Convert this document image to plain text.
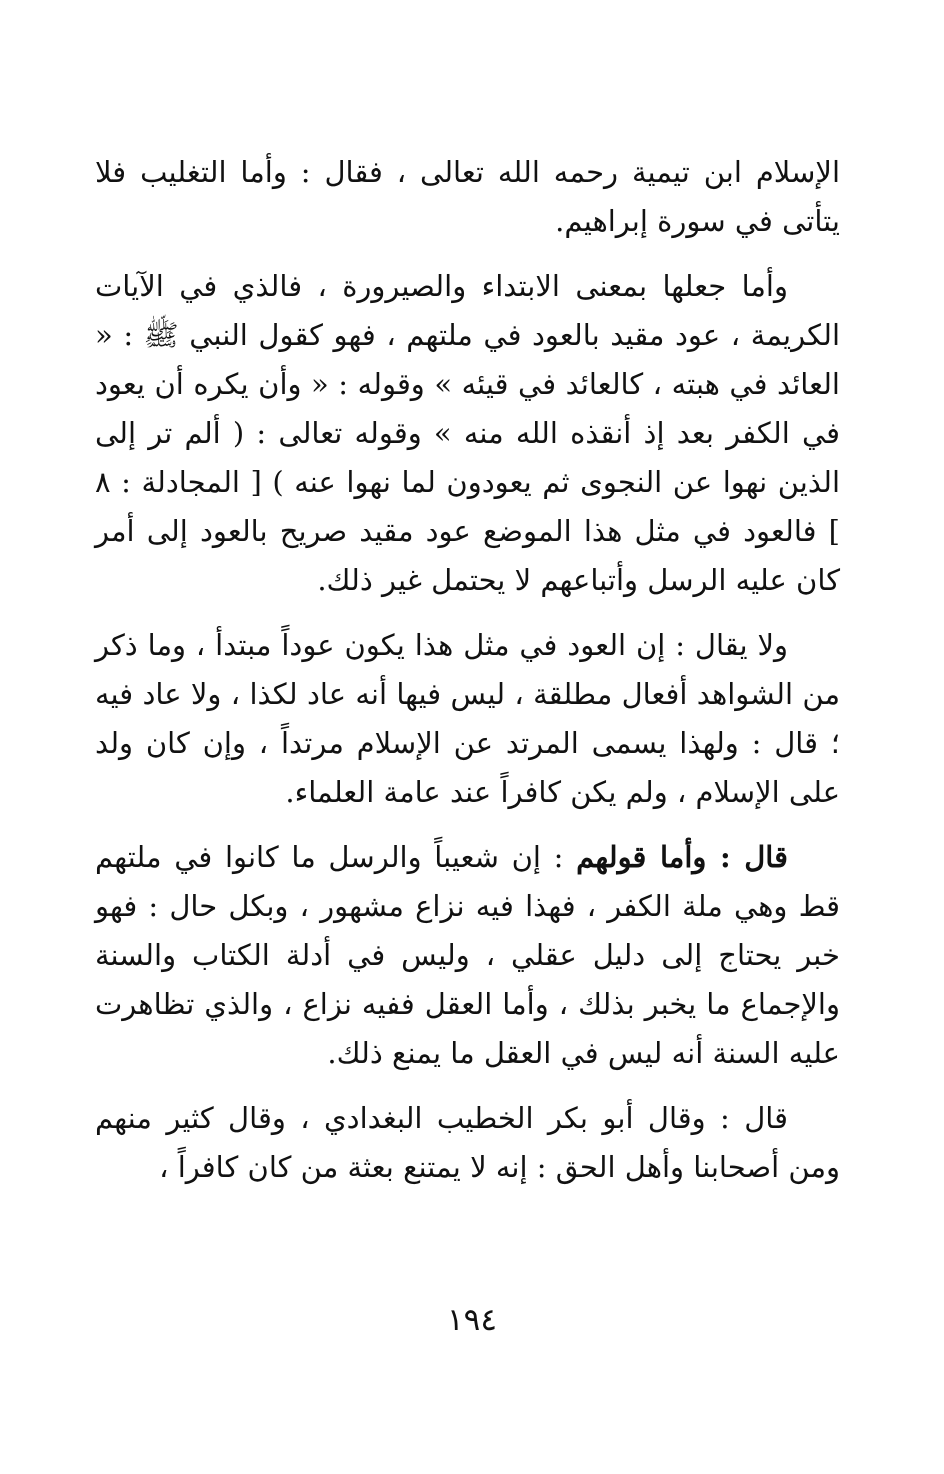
الإسلام ابن تيمية رحمه الله تعالى ، فقال : وأما التغليب فلا يتأتى في سورة إبراهيم.

وأما جعلها بمعنى الابتداء والصيرورة ، فالذي في الآيات الكريمة ، عود مقيد بالعود في ملتهم ، فهو كقول النبي ﷺ : « العائد في هبته ، كالعائد في قيئه » وقوله : « وأن يكره أن يعود في الكفر بعد إذ أنقذه الله منه » وقوله تعالى : ( ألم تر إلى الذين نهوا عن النجوى ثم يعودون لما نهوا عنه ) [ المجادلة : ٨ ] فالعود في مثل هذا الموضع عود مقيد صريح بالعود إلى أمر كان عليه الرسل وأتباعهم لا يحتمل غير ذلك.

ولا يقال : إن العود في مثل هذا يكون عوداً مبتدأ ، وما ذكر من الشواهد أفعال مطلقة ، ليس فيها أنه عاد لكذا ، ولا عاد فيه ؛ قال : ولهذا يسمى المرتد عن الإسلام مرتداً ، وإن كان ولد على الإسلام ، ولم يكن كافراً عند عامة العلماء.

قال : وأما قولهم : إن شعيباً والرسل ما كانوا في ملتهم قط وهي ملة الكفر ، فهذا فيه نزاع مشهور ، وبكل حال : فهو خبر يحتاج إلى دليل عقلي ، وليس في أدلة الكتاب والسنة والإجماع ما يخبر بذلك ، وأما العقل ففيه نزاع ، والذي تظاهرت عليه السنة أنه ليس في العقل ما يمنع ذلك.

قال : وقال أبو بكر الخطيب البغدادي ، وقال كثير منهم ومن أصحابنا وأهل الحق : إنه لا يمتنع بعثة من كان كافراً ،

١٩٤
